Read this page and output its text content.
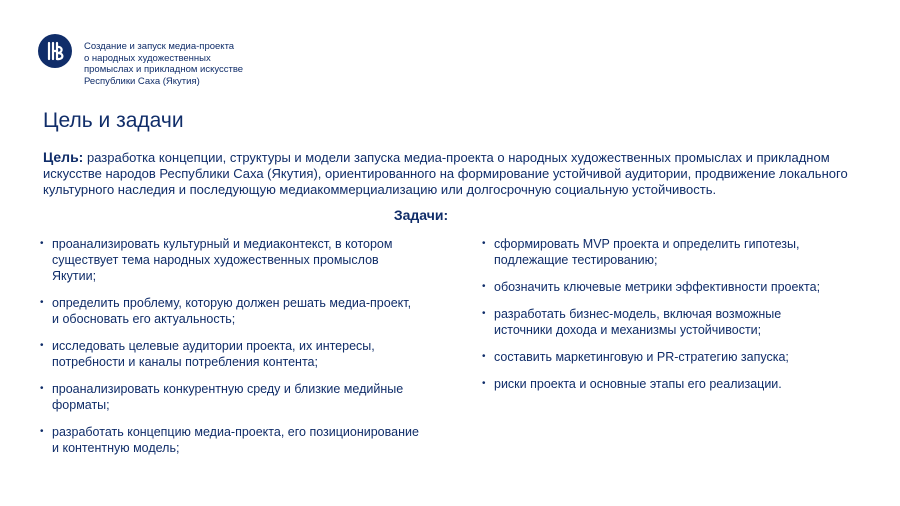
Создание и запуск медиа-проекта
о народных художественных
промыслах и прикладном искусстве
Республики Саха (Якутия)
Цель и задачи
Цель: разработка концепции, структуры и модели запуска медиа-проекта о народных художественных промыслах и прикладном искусстве народов Республики Саха (Якутия), ориентированного на формирование устойчивой аудитории, продвижение локального культурного наследия и последующую медиакоммерциализацию или долгосрочную социальную устойчивость.
Задачи:
• проанализировать культурный и медиаконтекст, в котором
существует тема народных художественных промыслов
Якутии;
• определить проблему, которую должен решать медиа-проект,
и обосновать его актуальность;
• исследовать целевые аудитории проекта, их интересы,
потребности и каналы потребления контента;
• проанализировать конкурентную среду и близкие медийные
форматы;
• разработать концепцию медиа-проекта, его позиционирование
и контентную модель;
• сформировать MVP проекта и определить гипотезы,
подлежащие тестированию;
• обозначить ключевые метрики эффективности проекта;
• разработать бизнес-модель, включая возможные
источники дохода и механизмы устойчивости;
• составить маркетинговую и PR-стратегию запуска;
• риски проекта и основные этапы его реализации.
